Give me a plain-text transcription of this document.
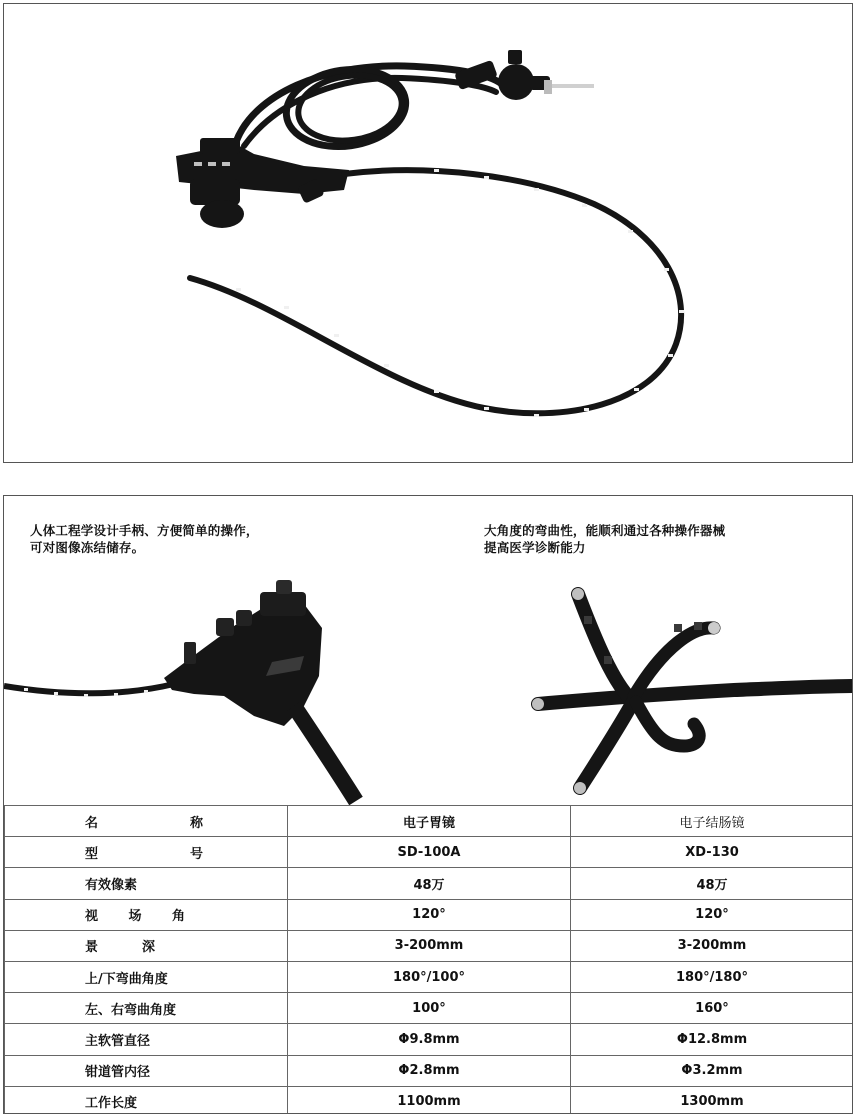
人体工程学设计手柄、方便简单的操作，
可对图像冻结储存。
大角度的弯曲性，能顺利通过各种操作器械
提高医学诊断能力
名 称	电子胃镜	电子结肠镜

型 号	SD-100A	XD-130
有效像素	48万	48万

视 场 角	120°	120°

景 深	3-200mm	3-200mm
上/下弯曲角度	180°/100°	180°/180°
左、右弯曲角度	100°	160°
主软管直径	Φ9.8mm	Φ12.8mm
钳道管内径	Φ2.8mm	Φ3.2mm
工作长度	1100mm	1300mm
